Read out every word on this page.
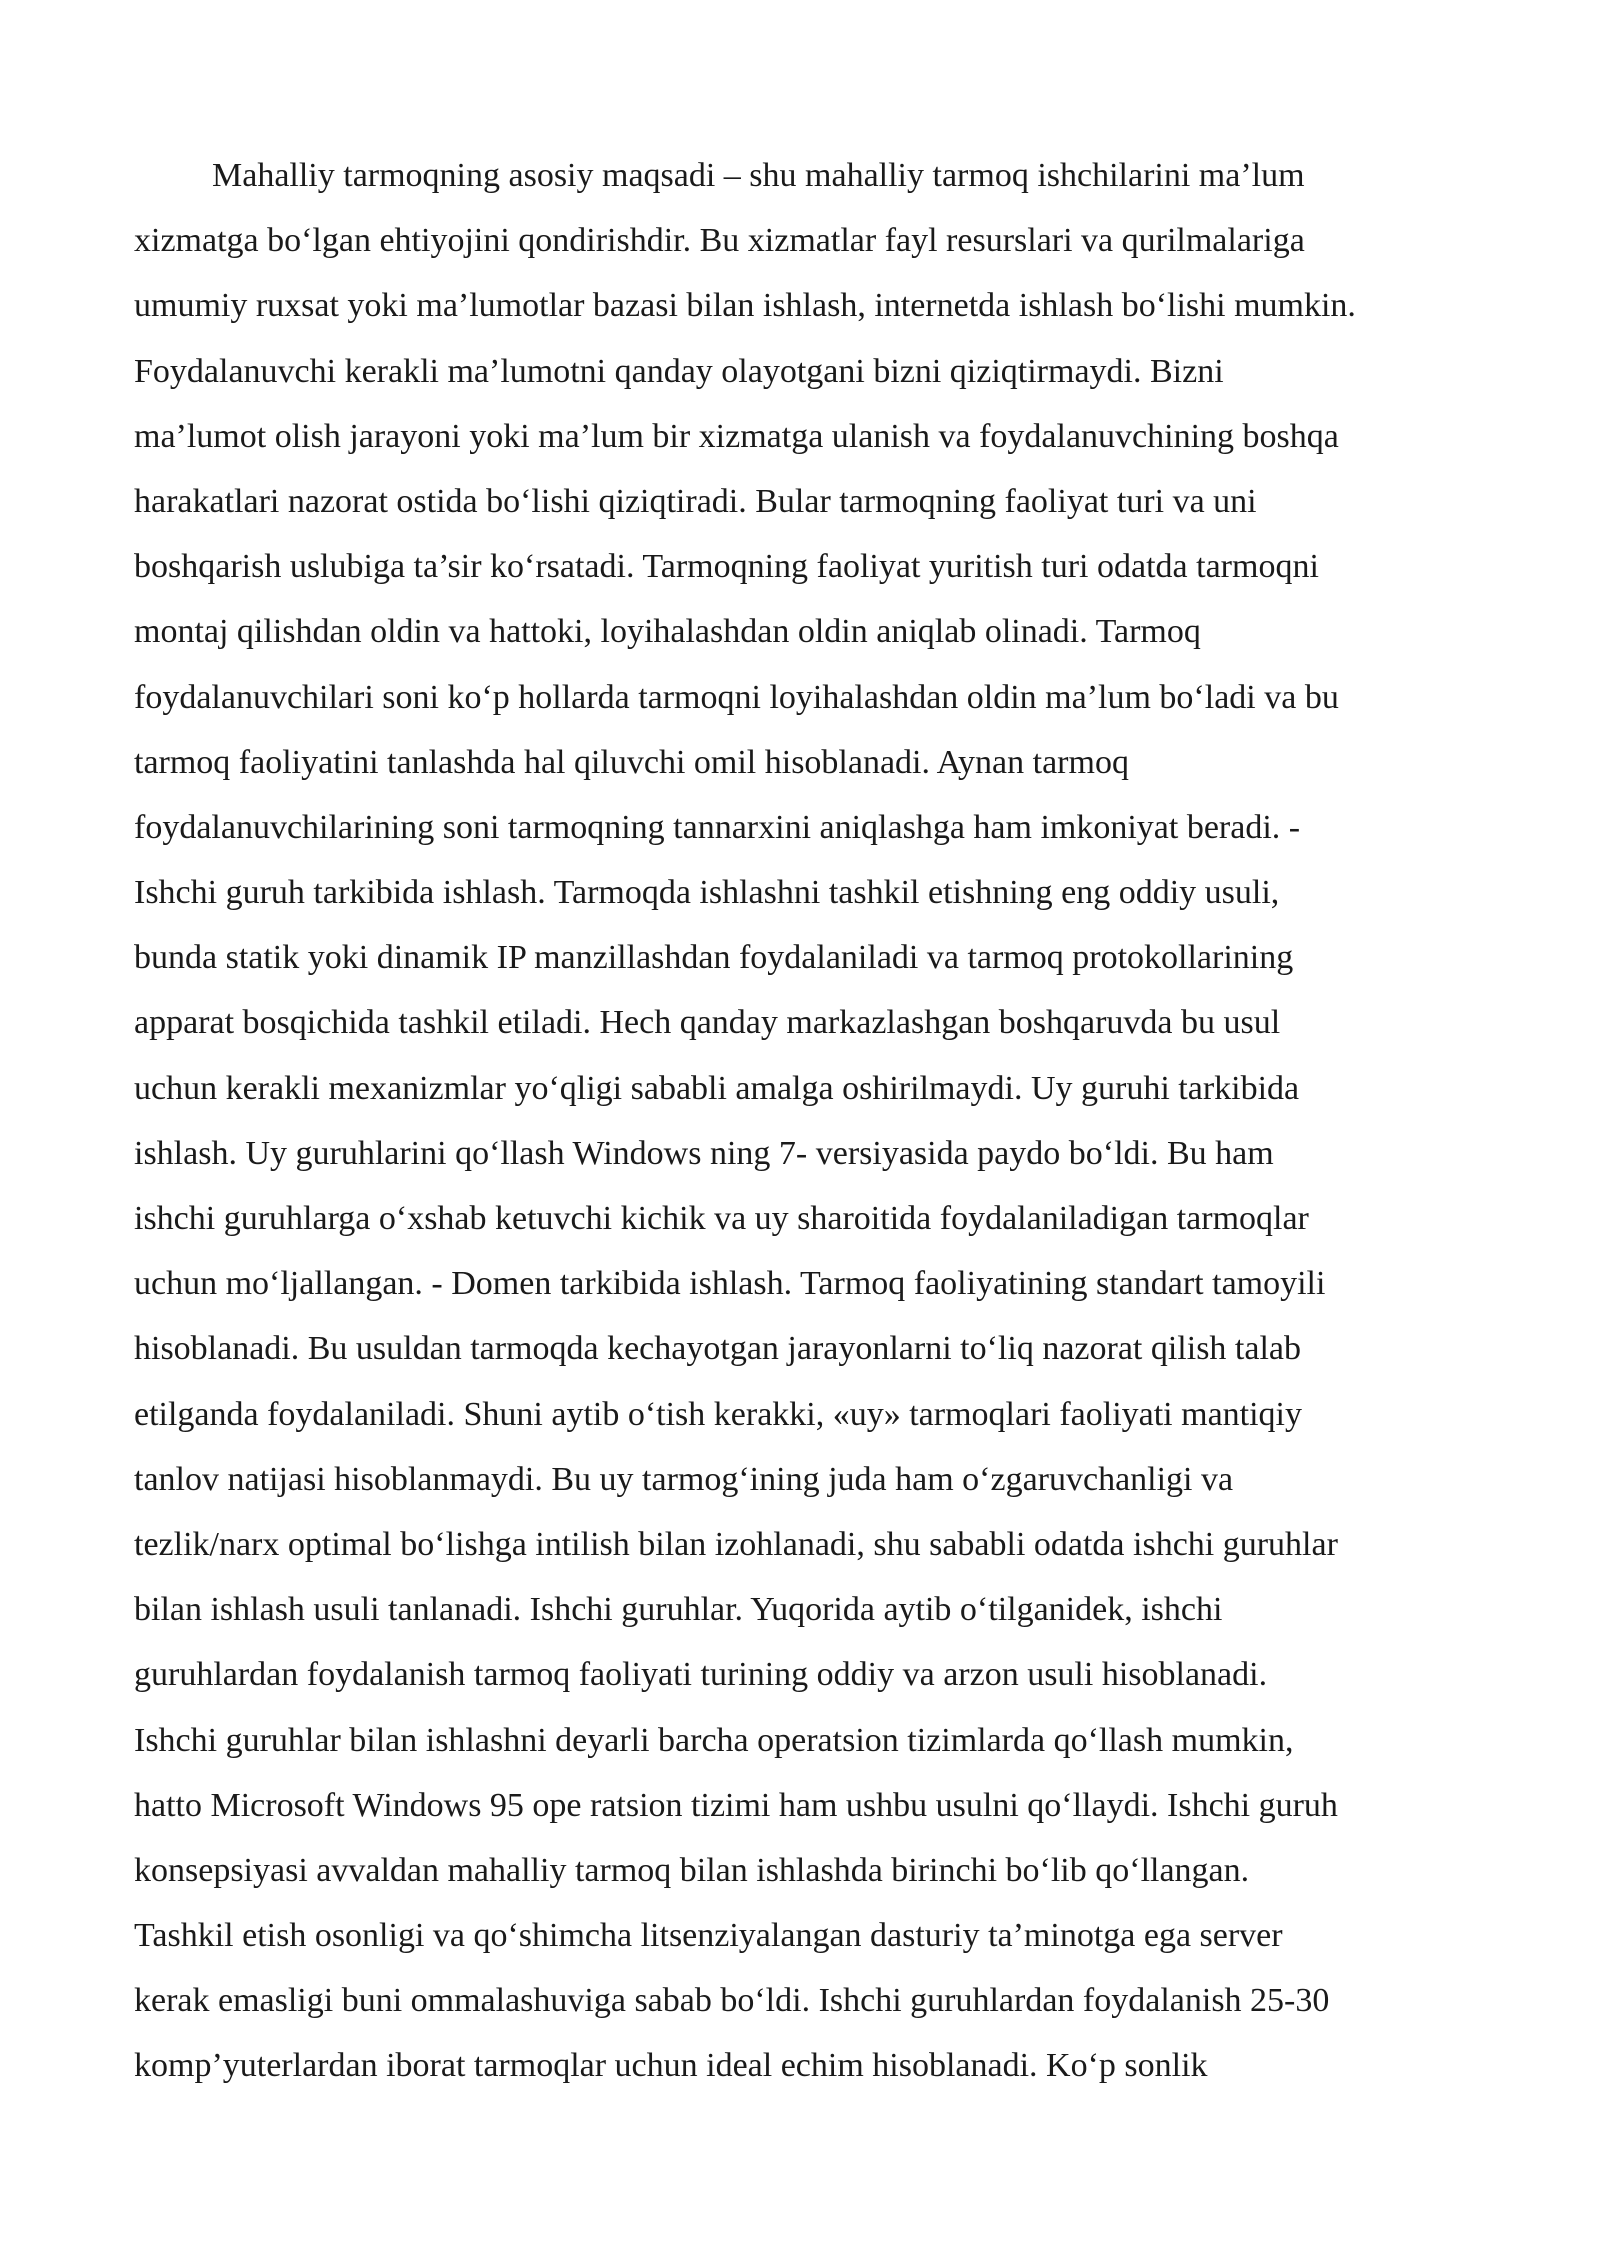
Mahalliy tarmoqning asosiy maqsadi – shu mahalliy tarmoq ishchilarini ma’lum
xizmatga bo‘lgan ehtiyojini qondirishdir. Bu xizmatlar fayl resurslari va qurilmalariga
umumiy ruxsat yoki ma’lumotlar bazasi bilan ishlash, internetda ishlash bo‘lishi mumkin.
Foydalanuvchi kerakli ma’lumotni qanday olayotgani bizni qiziqtirmaydi. Bizni
ma’lumot olish jarayoni yoki ma’lum bir xizmatga ulanish va foydalanuvchining boshqa
harakatlari nazorat ostida bo‘lishi qiziqtiradi. Bular tarmoqning faoliyat turi va uni
boshqarish uslubiga ta’sir ko‘rsatadi. Tarmoqning faoliyat yuritish turi odatda tarmoqni
montaj qilishdan oldin va hattoki, loyihalashdan oldin aniqlab olinadi. Tarmoq
foydalanuvchilari soni ko‘p hollarda tarmoqni loyihalashdan oldin ma’lum bo‘ladi va bu
tarmoq faoliyatini tanlashda hal qiluvchi omil hisoblanadi. Aynan tarmoq
foydalanuvchilarining soni tarmoqning tannarxini aniqlashga ham imkoniyat beradi. -
Ishchi guruh tarkibida ishlash. Tarmoqda ishlashni tashkil etishning eng oddiy usuli,
bunda statik yoki dinamik IP manzillashdan foydalaniladi va tarmoq protokollarining
apparat bosqichida tashkil etiladi. Hech qanday markazlashgan boshqaruvda bu usul
uchun kerakli mexanizmlar yo‘qligi sababli amalga oshirilmaydi. Uy guruhi tarkibida
ishlash. Uy guruhlarini qo‘llash Windows ning 7- versiyasida paydo bo‘ldi. Bu ham
ishchi guruhlarga o‘xshab ketuvchi kichik va uy sharoitida foydalaniladigan tarmoqlar
uchun mo‘ljallangan. - Domen tarkibida ishlash. Tarmoq faoliyatining standart tamoyili
hisoblanadi. Bu usuldan tarmoqda kechayotgan jarayonlarni to‘liq nazorat qilish talab
etilganda foydalaniladi. Shuni aytib o‘tish kerakki, «uy» tarmoqlari faoliyati mantiqiy
tanlov natijasi hisoblanmaydi. Bu uy tarmog‘ining juda ham o‘zgaruvchanligi va
tezlik/narx optimal bo‘lishga intilish bilan izohlanadi, shu sababli odatda ishchi guruhlar
bilan ishlash usuli tanlanadi. Ishchi guruhlar. Yuqorida aytib o‘tilganidek, ishchi
guruhlardan foydalanish tarmoq faoliyati turining oddiy va arzon usuli hisoblanadi.
Ishchi guruhlar bilan ishlashni deyarli barcha operatsion tizimlarda qo‘llash mumkin,
hatto Microsoft Windows 95 ope ratsion tizimi ham ushbu usulni qo‘llaydi. Ishchi guruh
konsepsiyasi avvaldan mahalliy tarmoq bilan ishlashda birinchi bo‘lib qo‘llangan.
Tashkil etish osonligi va qo‘shimcha litsenziyalangan dasturiy ta’minotga ega server
kerak emasligi buni ommalashuviga sabab bo‘ldi. Ishchi guruhlardan foydalanish 25-30
komp’yuterlardan iborat tarmoqlar uchun ideal echim hisoblanadi. Ko‘p sonlik
